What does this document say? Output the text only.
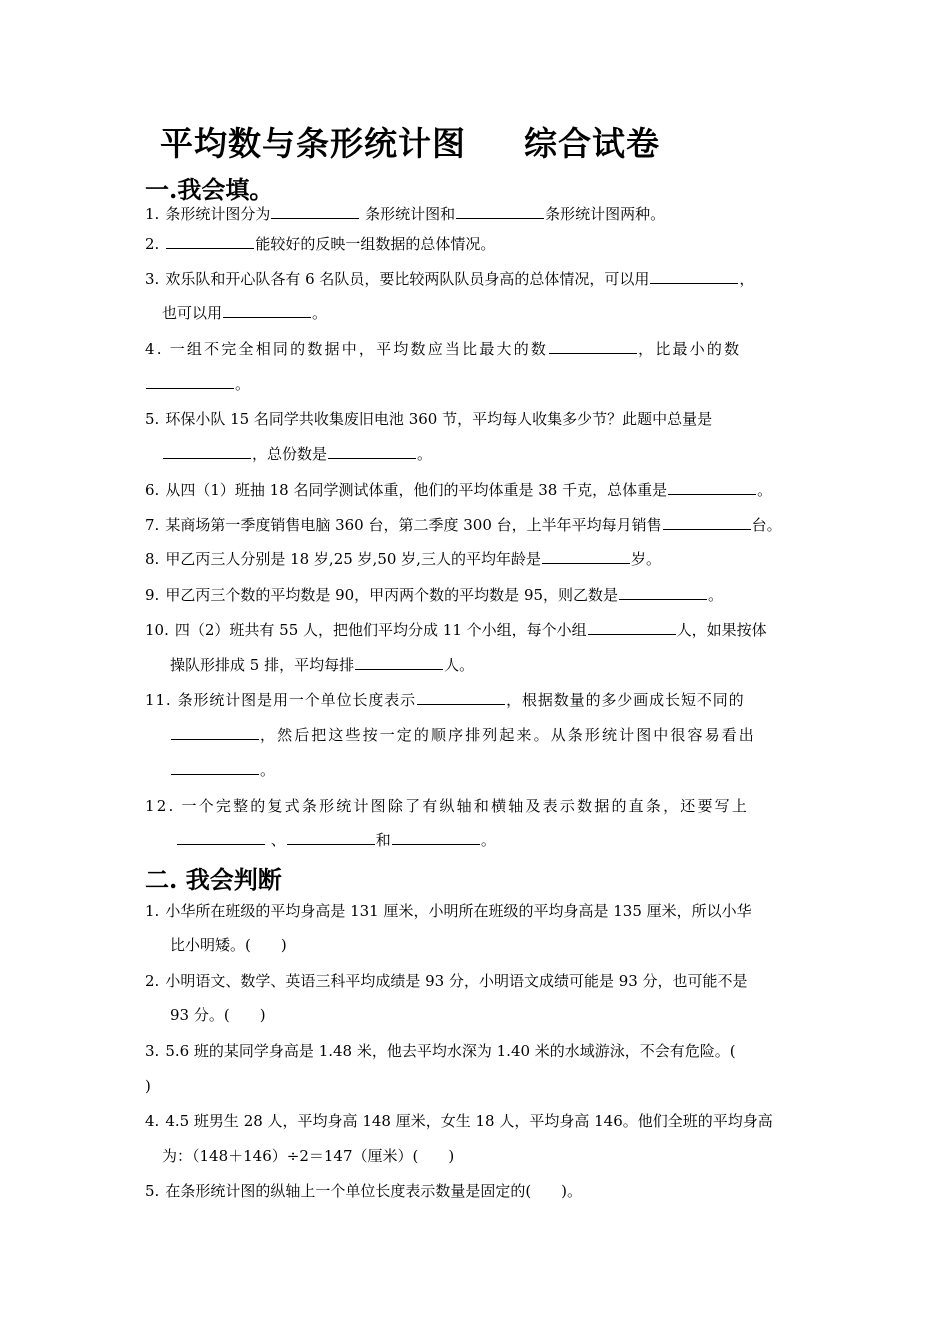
平均数与条形统计图 综合试卷
一.我会填。
1. 条形统计图分为	条形统计图和	条形统计图两种。
2.	能较好的反映一组数据的总体情况。
3. 欢乐队和开心队各有 6 名队员，要比较两队队员身高的总体情况，可以用	，
也可以用	。
4. 一组不完全相同的数据中，平均数应当比最大的数	，比最小的数
。
5. 环保小队 15 名同学共收集废旧电池 360 节，平均每人收集多少节？此题中总量是
，总份数是	。
6. 从四（1）班抽 18 名同学测试体重，他们的平均体重是 38 千克，总体重是	。
7. 某商场第一季度销售电脑 360 台，第二季度 300 台，上半年平均每月销售	台。
8. 甲乙丙三人分别是 18 岁,25 岁,50 岁,三人的平均年龄是	岁。
9. 甲乙丙三个数的平均数是 90，甲丙两个数的平均数是 95，则乙数是	。
10. 四（2）班共有 55 人，把他们平均分成 11 个小组，每个小组	人，如果按体
操队形排成 5 排，平均每排	人。
11. 条形统计图是用一个单位长度表示	，根据数量的多少画成长短不同的
，然后把这些按一定的顺序排列起来。从条形统计图中很容易看出
。
12. 一个完整的复式条形统计图除了有纵轴和横轴及表示数据的直条，还要写上
、	和	。
二. 我会判断
1. 小华所在班级的平均身高是 131 厘米，小明所在班级的平均身高是 135 厘米，所以小华
比小明矮。(　　)
2. 小明语文、数学、英语三科平均成绩是 93 分，小明语文成绩可能是 93 分，也可能不是
93 分。(　　)
3. 5.6 班的某同学身高是 1.48 米，他去平均水深为 1.40 米的水域游泳，不会有危险。(
)
4. 4.5 班男生 28 人，平均身高 148 厘米，女生 18 人，平均身高 146。他们全班的平均身高
为：（148＋146）÷2＝147（厘米）(　　)
5. 在条形统计图的纵轴上一个单位长度表示数量是固定的(　　)。
